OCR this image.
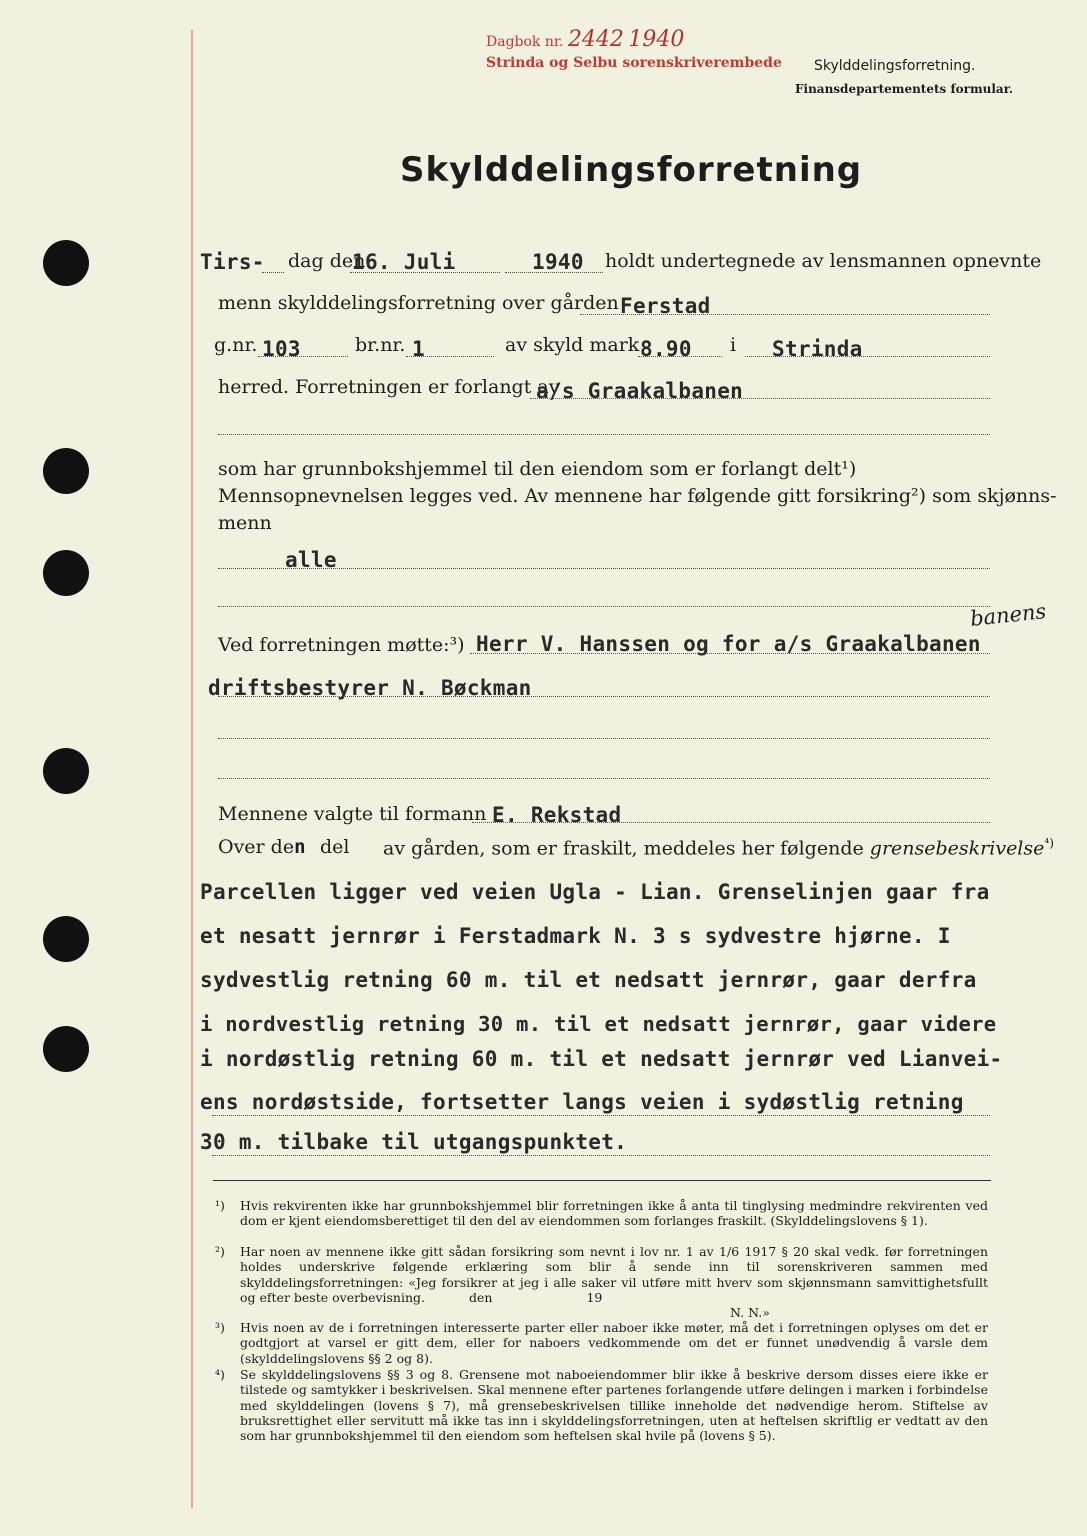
Dagbok nr. 2442 1940
Strinda og Selbu sorenskriverembede Skylddelingsforretning.
Finansdepartementets formular.
Skylddelingsforretning
Tirs- dag den
16. Juli	1940 holdt undertegnede av lensmannen opnevnte
menn skylddelingsforretning over gården Ferstad
g.nr. 103	br.nr. 1	av skyld mark 8.90 i Strinda
herred. Forretningen er forlangt av
a/s Graakalbanen
som har grunnbokshjemmel til den eiendom som er forlangt delt¹)
Mennsopnevnelsen legges ved. Av mennene har følgende gitt forsikring²) som skjønns-
menn
alle
banens
Ved forretningen møtte:³) Herr V. Hanssen og for a/s Graakalbanen
driftsbestyrer N. Bøckman
Mennene valgte til formann E. Rekstad
Over den del av gården, som er fraskilt, meddeles her følgende grensebeskrivelse$^{^4)}$
Parcellen ligger ved veien Ugla - Lian. Grenselinjen gaar fra
et nesatt jernrør i Ferstadmark N. 3 s sydvestre hjørne. I
sydvestlig retning 60 m. til et nedsatt jernrør, gaar derfra
i nordvestlig retning 30 m. til et nedsatt jernrør, gaar videre
i nordøstlig retning 60 m. til et nedsatt jernrør ved Lianvei-
ens nordøstside, fortsetter langs veien i sydøstlig retning
30 m. tilbake til utgangspunktet.
¹) Hvis rekvirenten ikke har grunnbokshjemmel blir forretningen ikke å anta til tinglysing medmindre rekvirenten ved dom er kjent eiendomsberettiget til den del av eiendommen som forlanges fraskilt. (Skylddelingslovens § 1).
²) Har noen av mennene ikke gitt sådan forsikring som nevnt i lov nr. 1 av 1/6 1917 § 20 skal vedk. før forretningen holdes underskrive følgende erklæring som blir å sende inn til sorenskriveren sammen med skylddelingsforretningen: «Jeg forsikrer at jeg i alle saker vil utføre mitt hverv som skjønnsmann samvittighetsfullt og efter beste overbevisning.	den	19
N. N.»
³) Hvis noen av de i forretningen interesserte parter eller naboer ikke møter, må det i forretningen oplyses om det er godtgjort at varsel er gitt dem, eller for naboers vedkommende om det er funnet unødvendig å varsle dem (skylddelingslovens §§ 2 og 8).
⁴) Se skylddelingslovens §§ 3 og 8. Grensene mot naboeiendommer blir ikke å beskrive dersom disses eiere ikke er tilstede og samtykker i beskrivelsen. Skal mennene efter partenes forlangende utføre delingen i marken i forbindelse med skylddelingen (lovens § 7), må grensebeskrivelsen tillike inneholde det nødvendige herom. Stiftelse av bruksrettighet eller servitutt må ikke tas inn i skylddelingsforretningen, uten at heftelsen skriftlig er vedtatt av den som har grunnbokshjemmel til den eiendom som heftelsen skal hvile på (lovens § 5).
